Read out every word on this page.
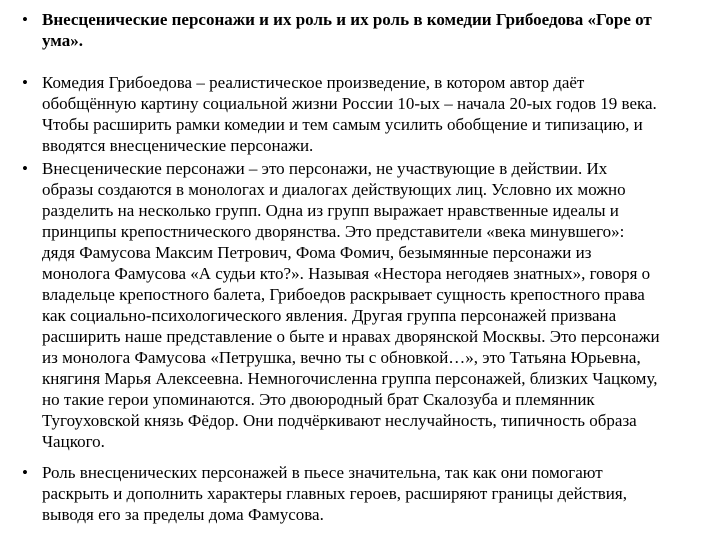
• Внесценические персонажи и их роль и их роль в комедии Грибоедова «Горе от
ума».
• Комедия Грибоедова – реалистическое произведение, в котором автор даёт
обобщённую картину социальной жизни России 10-ых – начала 20-ых годов 19 века.
Чтобы расширить рамки комедии и тем самым усилить обобщение и типизацию, и
вводятся внесценические персонажи.
• Внесценические персонажи – это персонажи, не участвующие в действии. Их
образы создаются в монологах и диалогах действующих лиц. Условно их можно
разделить на несколько групп. Одна из групп выражает нравственные идеалы и
принципы крепостнического дворянства. Это представители «века минувшего»:
дядя Фамусова Максим Петрович, Фома Фомич, безымянные персонажи из
монолога Фамусова «А судьи кто?». Называя «Нестора негодяев знатных», говоря о
владельце крепостного балета, Грибоедов раскрывает сущность крепостного права
как социально-психологического явления. Другая группа персонажей призвана
расширить наше представление о быте и нравах дворянской Москвы. Это персонажи
из монолога Фамусова «Петрушка, вечно ты с обновкой…», это Татьяна Юрьевна,
княгиня Марья Алексеевна. Немногочисленна группа персонажей, близких Чацкому,
но такие герои упоминаются. Это двоюродный брат Скалозуба и племянник
Тугоуховской князь Фёдор. Они подчёркивают неслучайность, типичность образа
Чацкого.
• Роль внесценических персонажей в пьесе значительна, так как они помогают
раскрыть и дополнить характеры главных героев, расширяют границы действия,
выводя его за пределы дома Фамусова.
